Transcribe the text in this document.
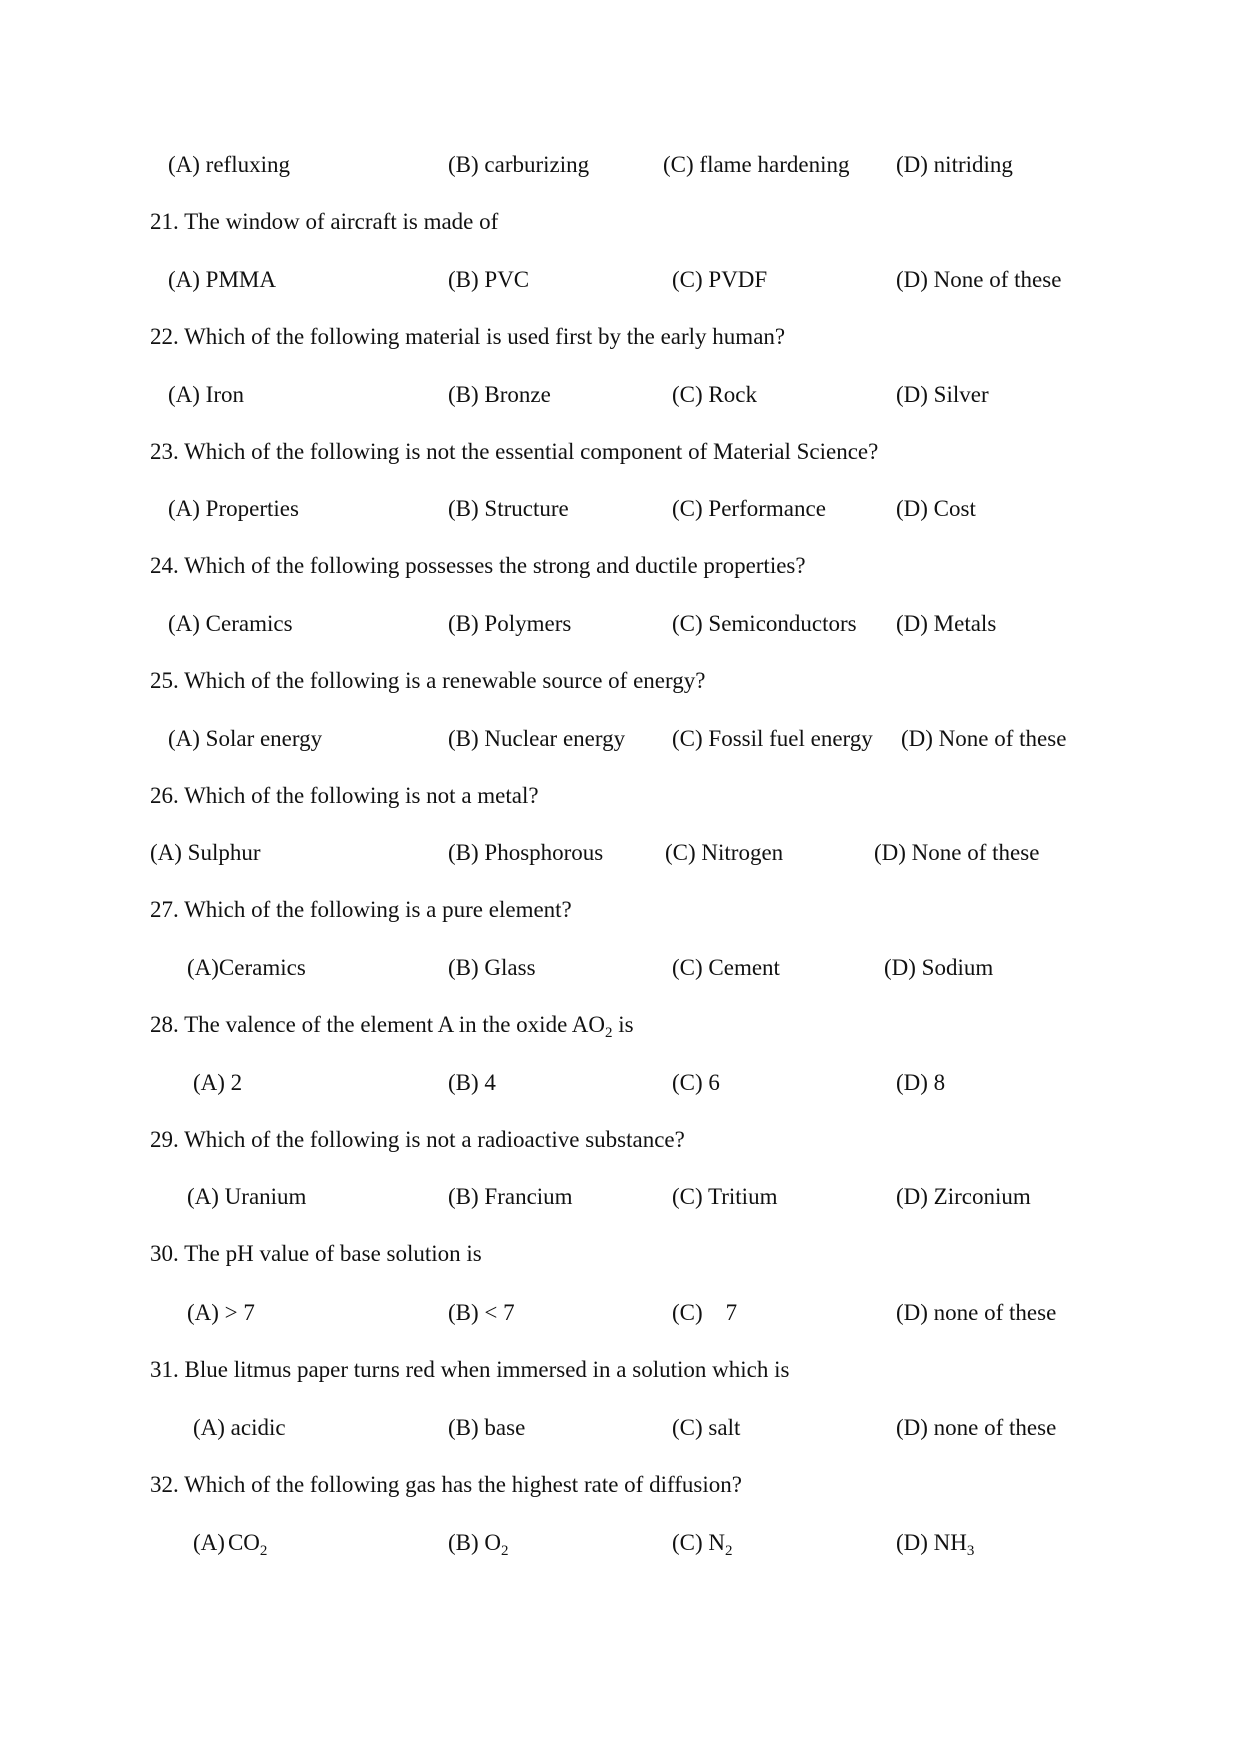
(A) refluxing	(B) carburizing	(C) flame hardening (D) nitriding
21. The window of aircraft is made of
(A) PMMA	(B) PVC	(C) PVDF	(D) None of these
22. Which of the following material is used first by the early human?
(A) Iron	(B) Bronze	(C) Rock	(D) Silver
23. Which of the following is not the essential component of Material Science?
(A) Properties	(B) Structure	(C) Performance	(D) Cost
24. Which of the following possesses the strong and ductile properties?
(A) Ceramics	(B) Polymers	(C) Semiconductors (D) Metals
25. Which of the following is a renewable source of energy?
(A) Solar energy	(B) Nuclear energy (C) Fossil fuel energy (D) None of these
26. Which of the following is not a metal?
(A) Sulphur	(B) Phosphorous	(C) Nitrogen	(D) None of these
27. Which of the following is a pure element?
(A)Ceramics	(B) Glass	(C) Cement	(D) Sodium
28. The valence of the element A in the oxide $AO_2$ is
(A) 2	(B) 4	(C) 6	(D) 8
29. Which of the following is not a radioactive substance?
(A) Uranium	(B) Francium	(C) Tritium	(D) Zirconium
30. The pH value of base solution is
(A) > 7	(B) < 7	(C)    7	(D) none of these
31. Blue litmus paper turns red when immersed in a solution which is
(A) acidic	(B) base	(C) salt	(D) none of these
32. Which of the following gas has the highest rate of diffusion?
(A) $CO_2$	(B) $O_2$	(C) $N_2$	(D) $NH_3$
